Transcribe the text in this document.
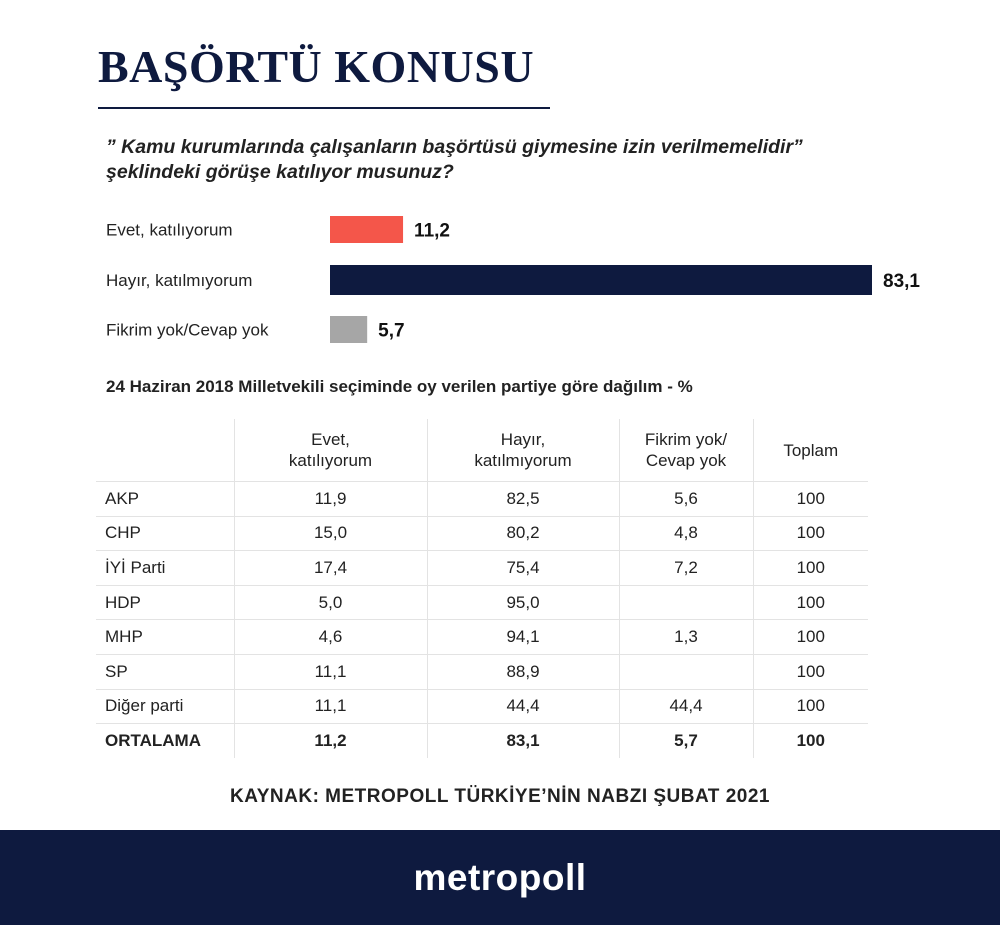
BAŞÖRTÜ KONUSU

” Kamu kurumlarında çalışanların başörtüsü giymesine izin verilmemelidir” şeklindeki görüşe katılıyor musunuz?

Evet, katılıyorum	11,2
Hayır, katılmıyorum	83,1
Fikrim yok/Cevap yok	5,7

24 Haziran 2018 Milletvekili seçiminde oy verilen partiye göre dağılım - %

	Evet, katılıyorum	Hayır, katılmıyorum	Fikrim yok/ Cevap yok	Toplam
AKP	11,9	82,5	5,6	100
CHP	15,0	80,2	4,8	100
İYİ Parti	17,4	75,4	7,2	100
HDP	5,0	95,0		100
MHP	4,6	94,1	1,3	100
SP	11,1	88,9		100
Diğer parti	11,1	44,4	44,4	100
ORTALAMA	11,2	83,1	5,7	100

KAYNAK: METROPOLL TÜRKİYE’NİN NABZI ŞUBAT 2021

metropoll
